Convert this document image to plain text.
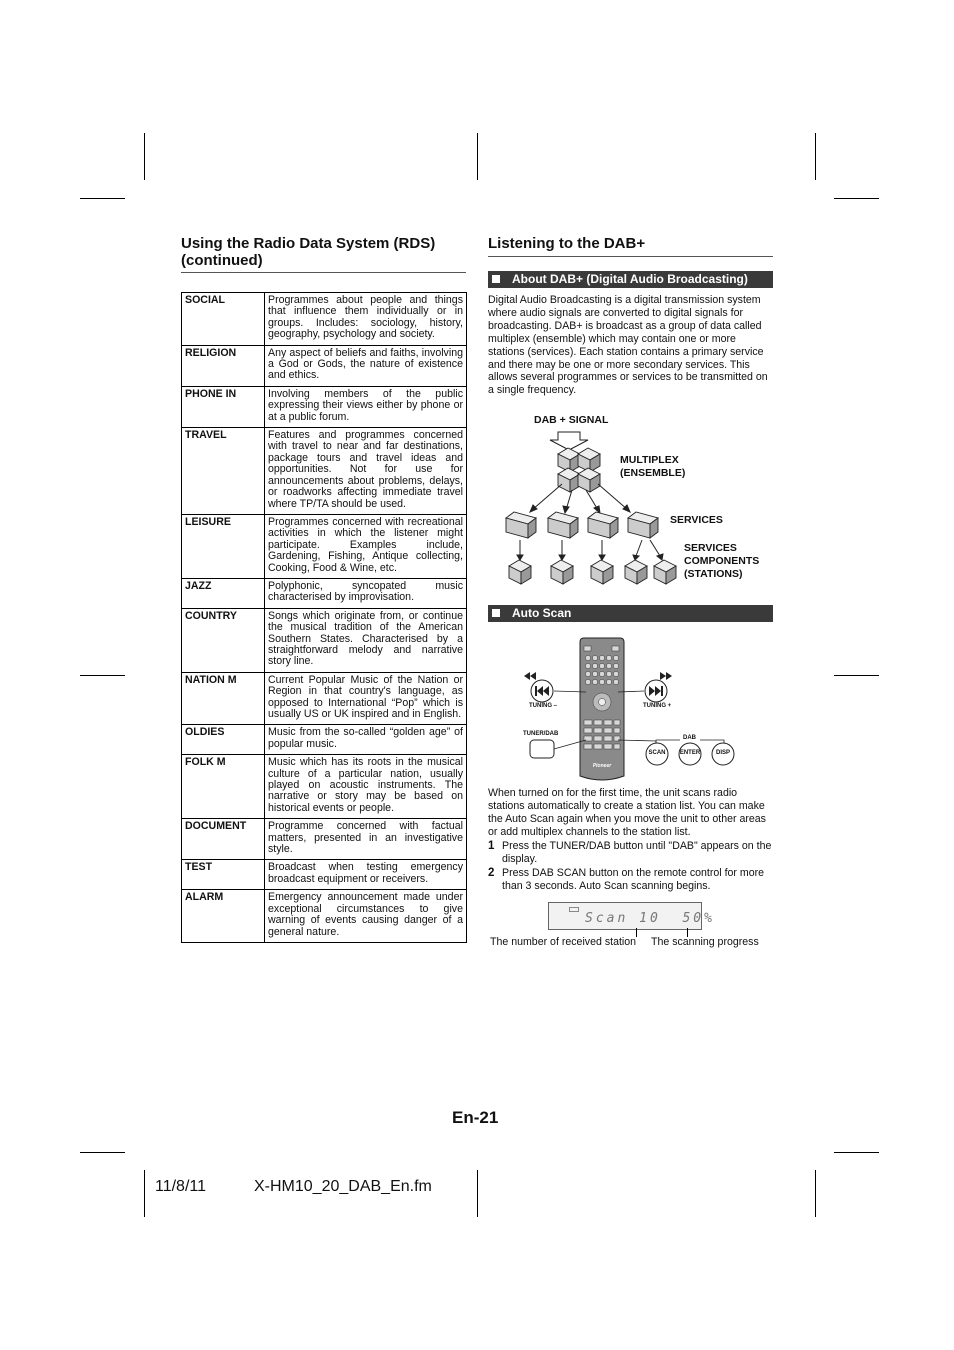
Using the Radio Data System (RDS)
(continued)
SOCIAL	Programmes about people and things that influence them individually or in groups. Includes: sociology, history, geography, psychology and society.
RELIGION	Any aspect of beliefs and faiths, involving a God or Gods, the nature of existence and ethics.
PHONE IN	Involving members of the public expressing their views either by phone or at a public forum.
TRAVEL	Features and programmes concerned with travel to near and far destinations, package tours and travel ideas and opportunities. Not for use for announcements about problems, delays, or roadworks affecting immediate travel where TP/TA should be used.
LEISURE	Programmes concerned with recreational activities in which the listener might participate. Examples include, Gardening, Fishing, Antique collecting, Cooking, Food & Wine, etc.
JAZZ	Polyphonic, syncopated music characterised by improvisation.
COUNTRY	Songs which originate from, or continue the musical tradition of the American Southern States. Characterised by a straightforward melody and narrative story line.
NATION M	Current Popular Music of the Nation or Region in that country's language, as opposed to International “Pop” which is usually US or UK inspired and in English.
OLDIES	Music from the so-called “golden age” of popular music.
FOLK M	Music which has its roots in the musical culture of a particular nation, usually played on acoustic instruments. The narrative or story may be based on historical events or people.
DOCUMENT	Programme concerned with factual matters, presented in an investigative style.
TEST	Broadcast when testing emergency broadcast equipment or receivers.
ALARM	Emergency announcement made under exceptional circumstances to give warning of events causing danger of a general nature.
Listening to the DAB+
About DAB+ (Digital Audio Broadcasting)

Digital Audio Broadcasting is a digital transmission system where audio signals are converted to digital signals for broadcasting. DAB+ is broadcast as a group of data called multiplex (ensemble) which may contain one or more stations (services). Each station contains a primary service and there may be one or more secondary services. This allows several programmes or services to be transmitted on a single frequency.

DAB + SIGNAL
MULTIPLEX
(ENSEMBLE)
SERVICES
SERVICES
COMPONENTS
(STATIONS)
Auto Scan
Pioneer
TUNING –	TUNING +
TUNER/DAB
DAB
SCAN ENTER	DISP

When turned on for the first time, the unit scans radio stations automatically to create a station list. You can make the Auto Scan again when you move the unit to other areas or add multiplex channels to the station list.

1 Press the TUNER/DAB button until "DAB" appears on the display.
2 Press DAB SCAN button on the remote control for more than 3 seconds. Auto Scan scanning begins.
Scan 10  50%
The number of received station The scanning progress
En-21
11/8/11	X-HM10_20_DAB_En.fm
